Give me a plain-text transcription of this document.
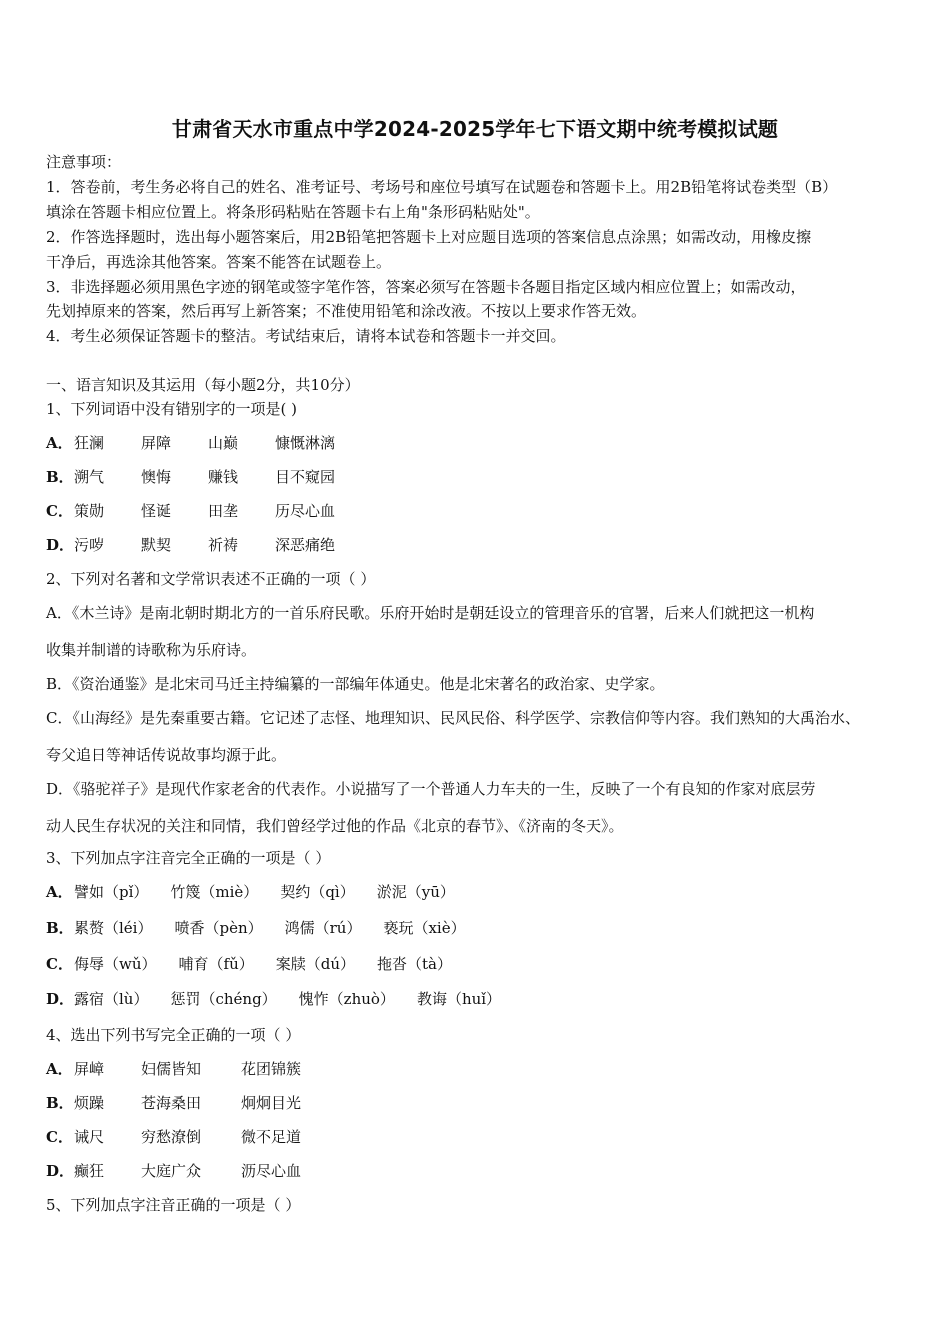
甘肃省天水市重点中学2024-2025学年七下语文期中统考模拟试题
注意事项：
1．答卷前，考生务必将自己的姓名、准考证号、考场号和座位号填写在试题卷和答题卡上。用2B铅笔将试卷类型（B）
填涂在答题卡相应位置上。将条形码粘贴在答题卡右上角"条形码粘贴处"。
2．作答选择题时，选出每小题答案后，用2B铅笔把答题卡上对应题目选项的答案信息点涂黑；如需改动，用橡皮擦
干净后，再选涂其他答案。答案不能答在试题卷上。
3．非选择题必须用黑色字迹的钢笔或签字笔作答，答案必须写在答题卡各题目指定区域内相应位置上；如需改动，
先划掉原来的答案，然后再写上新答案；不准使用铅笔和涂改液。不按以上要求作答无效。
4．考生必须保证答题卡的整洁。考试结束后，请将本试卷和答题卡一并交回。
一、语言知识及其运用（每小题2分，共10分）
1、下列词语中没有错别字的一项是( )
A．狂澜 屏障 山巅 慷慨淋漓
B．溯气 懊悔 赚钱 目不窥园
C．策勋 怪诞 田垄 历尽心血
D．污哕 默契 祈祷 深恶痛绝
2、下列对名著和文学常识表述不正确的一项（ ）
A．《木兰诗》是南北朝时期北方的一首乐府民歌。乐府开始时是朝廷设立的管理音乐的官署，后来人们就把这一机构
收集并制谱的诗歌称为乐府诗。
B．《资治通鉴》是北宋司马迁主持编纂的一部编年体通史。他是北宋著名的政治家、史学家。
C．《山海经》是先秦重要古籍。它记述了志怪、地理知识、民风民俗、科学医学、宗教信仰等内容。我们熟知的大禹治水、
夸父追日等神话传说故事均源于此。
D．《骆驼祥子》是现代作家老舍的代表作。小说描写了一个普通人力车夫的一生，反映了一个有良知的作家对底层劳
动人民生存状况的关注和同情，我们曾经学过他的作品《北京的春节》、《济南的冬天》。
3、下列加点字注音完全正确的一项是（ ）
A．譬如（pǐ） 竹篾（miè） 契约（qì） 淤泥（yū）
B．累赘（léi） 喷香（pèn） 鸿儒（rú） 亵玩（xiè）
C．侮辱（wǔ） 哺育（fǔ） 案牍（dú） 拖沓（tà）
D．露宿（lù） 惩罚（chéng） 愧怍（zhuò） 教诲（huǐ）
4、选出下列书写完全正确的一项（ ）
A．屏嶂 妇儒皆知	花团锦簇
B．烦躁 苍海桑田	炯炯目光
C．诫尺 穷愁潦倒	微不足道
D．癫狂 大庭广众	沥尽心血
5、下列加点字注音正确的一项是（ ）
